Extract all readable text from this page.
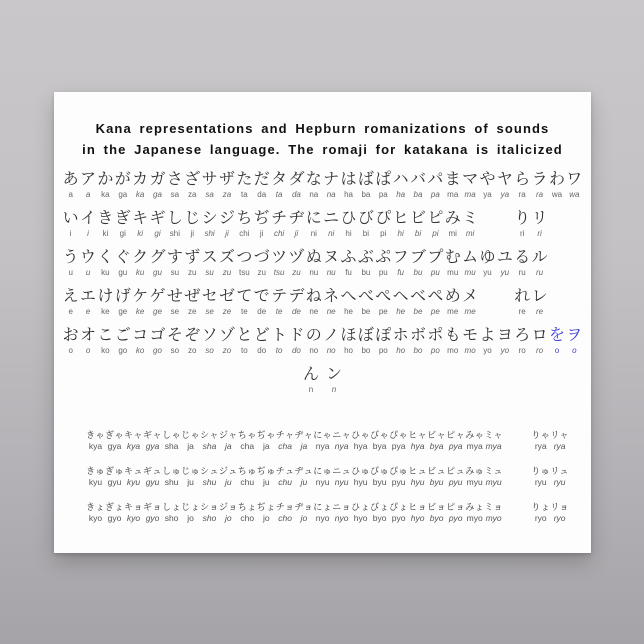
Kana representations and Hepburn romanizations of sounds
in the Japanese language. The romaji for katakana is italicized
あ
a
ア
a
か
ka
が
ga
カ
ka
ガ
ga
さ
sa
ざ
za
サ
sa
ザ
za
た
ta
だ
da
タ
ta
ダ
da
な
na
ナ
na
は
ha
ば
ba
ぱ
pa
ハ
ha
バ
ba
パ
pa
ま
ma
マ
ma
や
ya
ヤ
ya
ら
ra
ラ
ra
わ
wa
ワ
wa
い
i
イ
i
き
ki
ぎ
gi
キ
ki
ギ
gi
し
shi
じ
ji
シ
shi
ジ
ji
ち
chi
ぢ
ji
チ
chi
ヂ
ji
に
ni
ニ
ni
ひ
hi
び
bi
ぴ
pi
ヒ
hi
ビ
bi
ピ
pi
み
mi
ミ
mi
り
ri
リ
ri
う
u
ウ
u
く
ku
ぐ
gu
ク
ku
グ
gu
す
su
ず
zu
ス
su
ズ
zu
つ
tsu
づ
zu
ツ
tsu
ヅ
zu
ぬ
nu
ヌ
nu
ふ
fu
ぶ
bu
ぷ
pu
フ
fu
ブ
bu
プ
pu
む
mu
ム
mu
ゆ
yu
ユ
yu
る
ru
ル
ru
え
e
エ
e
け
ke
げ
ge
ケ
ke
ゲ
ge
せ
se
ぜ
ze
セ
se
ゼ
ze
て
te
で
de
テ
te
デ
de
ね
ne
ネ
ne
へ
he
べ
be
ぺ
pe
ヘ
he
ベ
be
ペ
pe
め
me
メ
me
れ
re
レ
re
お
o
オ
o
こ
ko
ご
go
コ
ko
ゴ
go
そ
so
ぞ
zo
ソ
so
ゾ
zo
と
to
ど
do
ト
to
ド
do
の
no
ノ
no
ほ
ho
ぼ
bo
ぽ
po
ホ
ho
ボ
bo
ポ
po
も
mo
モ
mo
よ
yo
ヨ
yo
ろ
ro
ロ
ro
を
o
ヲ
o
ん
n
ン
n
きゃ
kya
ぎゃ
gya
キャ
kya
ギャ
gya
しゃ
sha
じゃ
ja
シャ
sha
ジャ
ja
ちゃ
cha
ぢゃ
ja
チャ
cha
ヂャ
ja
にゃ
nya
ニャ
nya
ひゃ
hya
びゃ
bya
ぴゃ
pya
ヒャ
hya
ビャ
bya
ピャ
pya
みゃ
mya
ミャ
mya
りゃ
rya
リャ
rya
きゅ
kyu
ぎゅ
gyu
キュ
kyu
ギュ
gyu
しゅ
shu
じゅ
ju
シュ
shu
ジュ
ju
ちゅ
chu
ぢゅ
ju
チュ
chu
ヂュ
ju
にゅ
nyu
ニュ
nyu
ひゅ
hyu
びゅ
byu
ぴゅ
pyu
ヒュ
hyu
ビュ
byu
ピュ
pyu
みゅ
myu
ミュ
myu
りゅ
ryu
リュ
ryu
きょ
kyo
ぎょ
gyo
キョ
kyo
ギョ
gyo
しょ
sho
じょ
jo
ショ
sho
ジョ
jo
ちょ
cho
ぢょ
jo
チョ
cho
ヂョ
jo
にょ
nyo
ニョ
nyo
ひょ
hyo
びょ
byo
ぴょ
pyo
ヒョ
hyo
ビョ
byo
ピョ
pyo
みょ
myo
ミョ
myo
りょ
ryo
リョ
ryo
